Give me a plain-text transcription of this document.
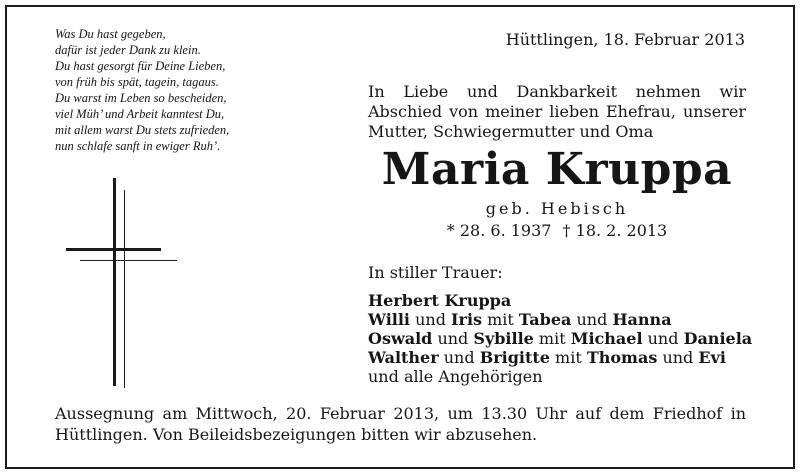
Was Du hast gegeben,
dafür ist jeder Dank zu klein.
Du hast gesorgt für Deine Lieben,
von früh bis spät, tagein, tagaus.
Du warst im Leben so bescheiden,
viel Müh’ und Arbeit kanntest Du,
mit allem warst Du stets zufrieden,
nun schlafe sanft in ewiger Ruh’.
Hüttlingen, 18. Februar 2013
In Liebe und Dankbarkeit nehmen wir
Abschied von meiner lieben Ehefrau, unserer
Mutter, Schwiegermutter und Oma
Maria Kruppa
geb. Hebisch
* 28. 6. 1937 † 18. 2. 2013
In stiller Trauer:
Herbert Kruppa
Willi und Iris mit Tabea und Hanna
Oswald und Sybille mit Michael und Daniela
Walther und Brigitte mit Thomas und Evi
und alle Angehörigen
Aussegnung am Mittwoch, 20. Februar 2013, um 13.30 Uhr auf dem Friedhof in
Hüttlingen. Von Beileidsbezeigungen bitten wir abzusehen.
